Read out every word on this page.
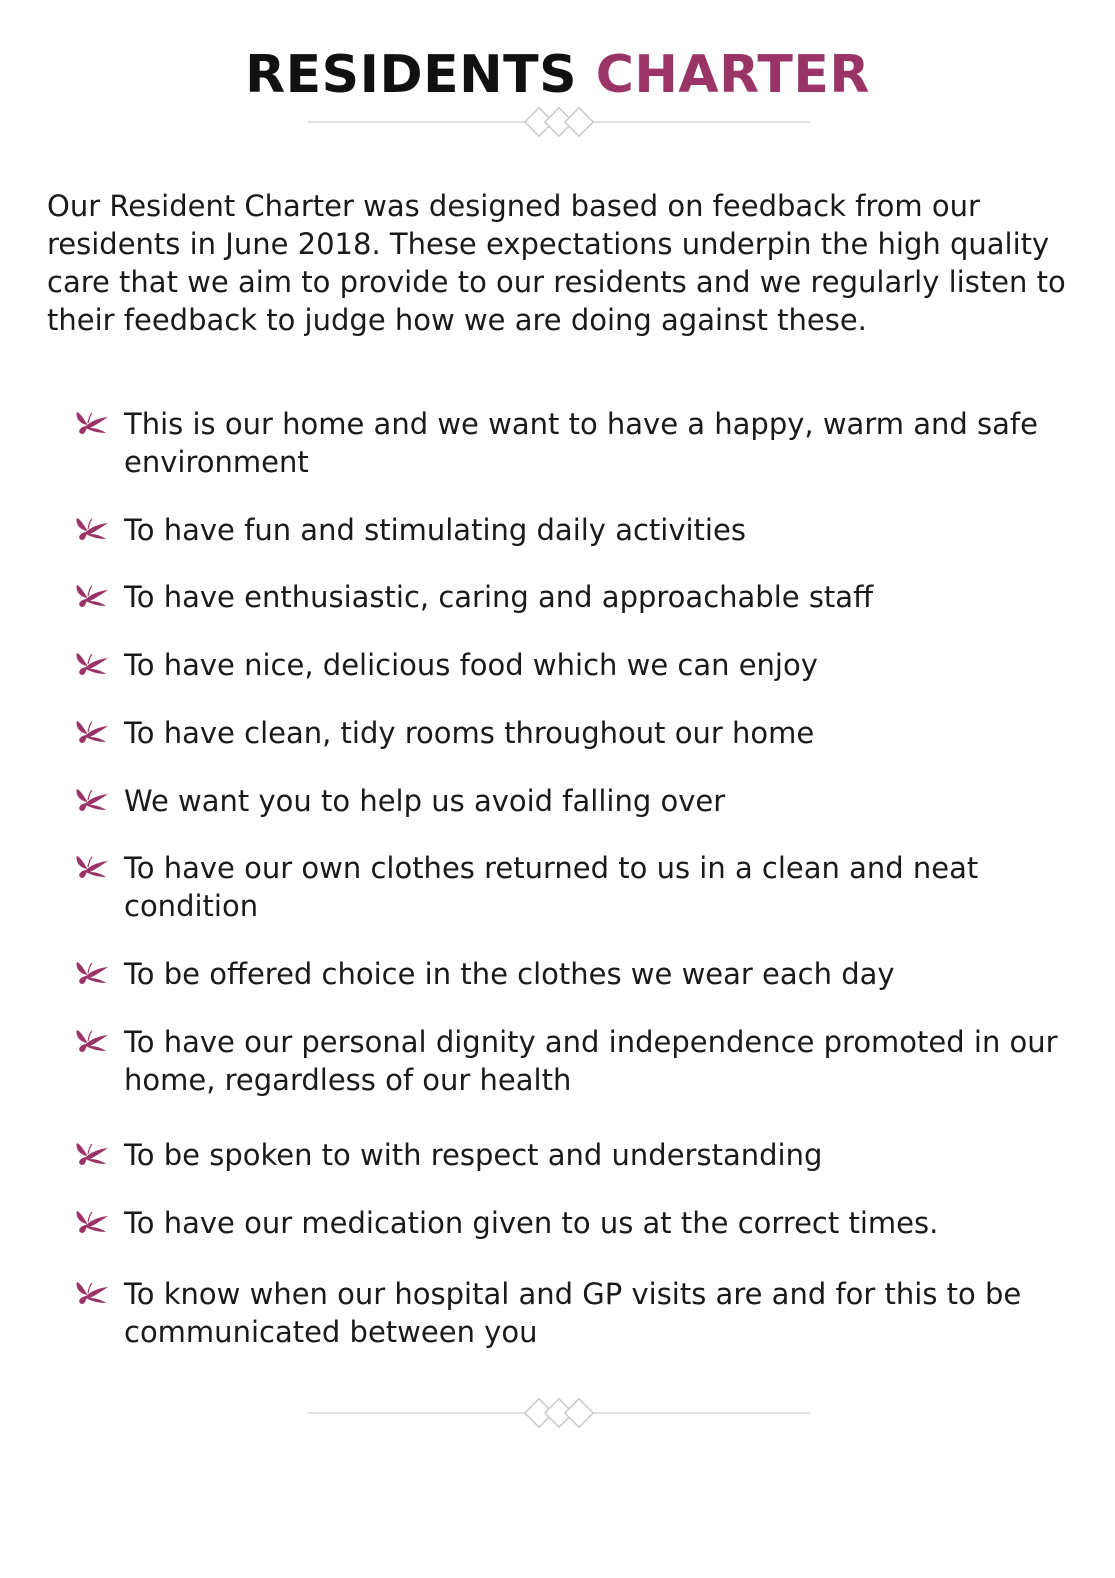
RESIDENTS CHARTER

Our Resident Charter was designed based on feedback from our residents in June 2018. These expectations underpin the high quality care that we aim to provide to our residents and we regularly listen to their feedback to judge how we are doing against these.

This is our home and we want to have a happy, warm and safe environment
To have fun and stimulating daily activities
To have enthusiastic, caring and approachable staff
To have nice, delicious food which we can enjoy
To have clean, tidy rooms throughout our home
We want you to help us avoid falling over
To have our own clothes returned to us in a clean and neat condition
To be offered choice in the clothes we wear each day
To have our personal dignity and independence promoted in our home, regardless of our health
To be spoken to with respect and understanding
To have our medication given to us at the correct times.
To know when our hospital and GP visits are and for this to be communicated between you
